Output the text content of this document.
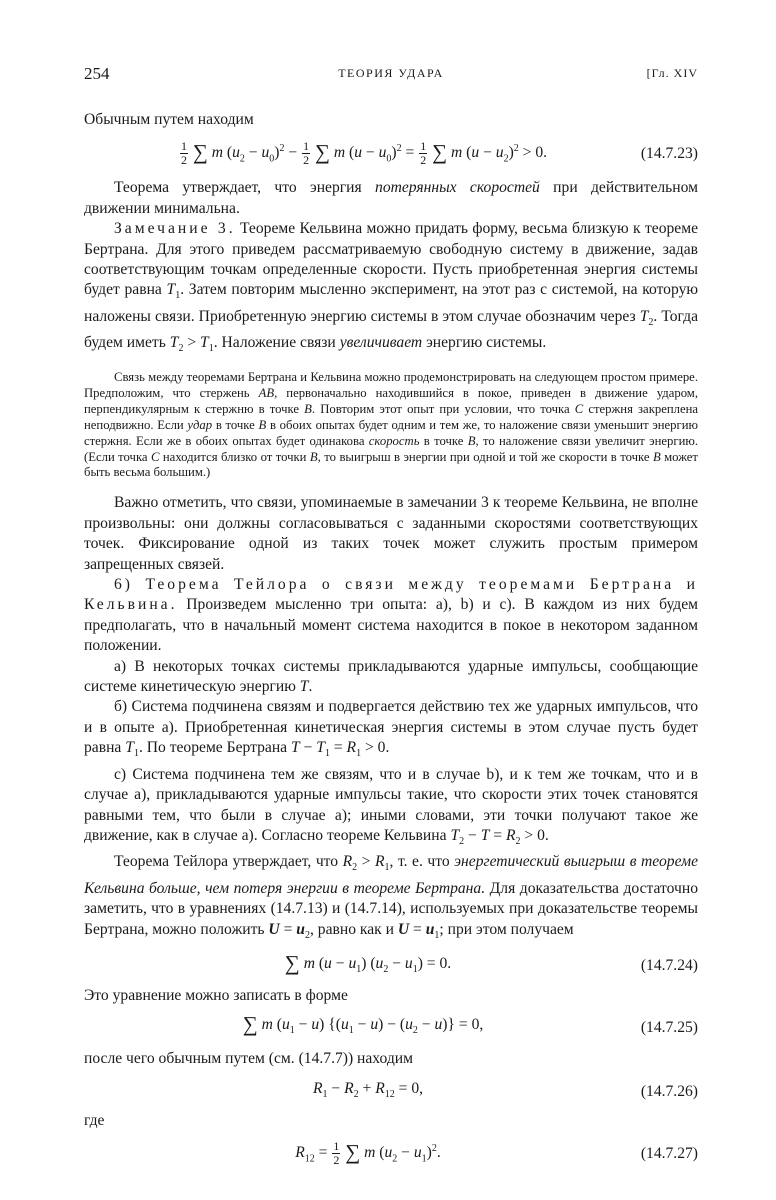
254	ТЕОРИЯ УДАРА	[Гл. XIV

Обычным путем находим

$\frac{1}{2}$ ∑ m $(u_2 - u_0)^2 - \frac{1}{2}$ ∑ m $(u - u_0)^2 = \frac{1}{2}$ ∑ m $(u - u_2)^2 > 0$.	(14.7.23)

Теорема утверждает, что энергия потерянных скоростей при действительном движении минимальна.

Замечание 3. Теореме Кельвина можно придать форму, весьма близкую к теореме Бертрана. Для этого приведем рассматриваемую свободную систему в движение, задав соответствующим точкам определенные скорости. Пусть приобретенная энергия системы будет равна $T_1$. Затем повторим мысленно эксперимент, на этот раз с системой, на которую наложены связи. Приобретенную энергию системы в этом случае обозначим через $T_2$. Тогда будем иметь $T_2 > T_1$. Наложение связи увеличивает энергию системы.

Связь между теоремами Бертрана и Кельвина можно продемонстрировать на следующем простом примере. Предположим, что стержень AB, первоначально находившийся в покое, приведен в движение ударом, перпендикулярным к стержню в точке B. Повторим этот опыт при условии, что точка C стержня закреплена неподвижно. Если удар в точке B в обоих опытах будет одним и тем же, то наложение связи уменьшит энергию стержня. Если же в обоих опытах будет одинакова скорость в точке B, то наложение связи увеличит энергию. (Если точка C находится близко от точки B, то выигрыш в энергии при одной и той же скорости в точке B может быть весьма большим.)

Важно отметить, что связи, упоминаемые в замечании 3 к теореме Кельвина, не вполне произвольны: они должны согласовываться с заданными скоростями соответствующих точек. Фиксирование одной из таких точек может служить простым примером запрещенных связей.

6) Теорема Тейлора о связи между теоремами Бертрана и Кельвина. Произведем мысленно три опыта: a), b) и c). В каждом из них будем предполагать, что в начальный момент система находится в покое в некотором заданном положении.

a) В некоторых точках системы прикладываются ударные импульсы, сообщающие системе кинетическую энергию T.

б) Система подчинена связям и подвергается действию тех же ударных импульсов, что и в опыте a). Приобретенная кинетическая энергия системы в этом случае пусть будет равна $T_1$. По теореме Бертрана $T - T_1 = R_1 > 0$.

c) Система подчинена тем же связям, что и в случае b), и к тем же точкам, что и в случае a), прикладываются ударные импульсы такие, что скорости этих точек становятся равными тем, что были в случае a); иными словами, эти точки получают такое же движение, как в случае a). Согласно теореме Кельвина $T_2 - T = R_2 > 0$.

Теорема Тейлора утверждает, что $R_2 > R_1$, т. е. что энергетический выигрыш в теореме Кельвина больше, чем потеря энергии в теореме Бертрана. Для доказательства достаточно заметить, что в уравнениях (14.7.13) и (14.7.14), используемых при доказательстве теоремы Бертрана, можно положить $U = u_2$, равно как и $U = u_1$; при этом получаем

∑ m $(u - u_1)$ $(u_2 - u_1) = 0$.	(14.7.24)

Это уравнение можно записать в форме

∑ m $(u_1 - u) \{(u_1 - u) - (u_2 - u)\} = 0$,	(14.7.25)

после чего обычным путем (см. (14.7.7)) находим

$R_1 - R_2 + R_{12} = 0$,	(14.7.26)

где

$R_{12} = \frac{1}{2}$ ∑ m $(u_2 - u_1)^2$.	(14.7.27)
